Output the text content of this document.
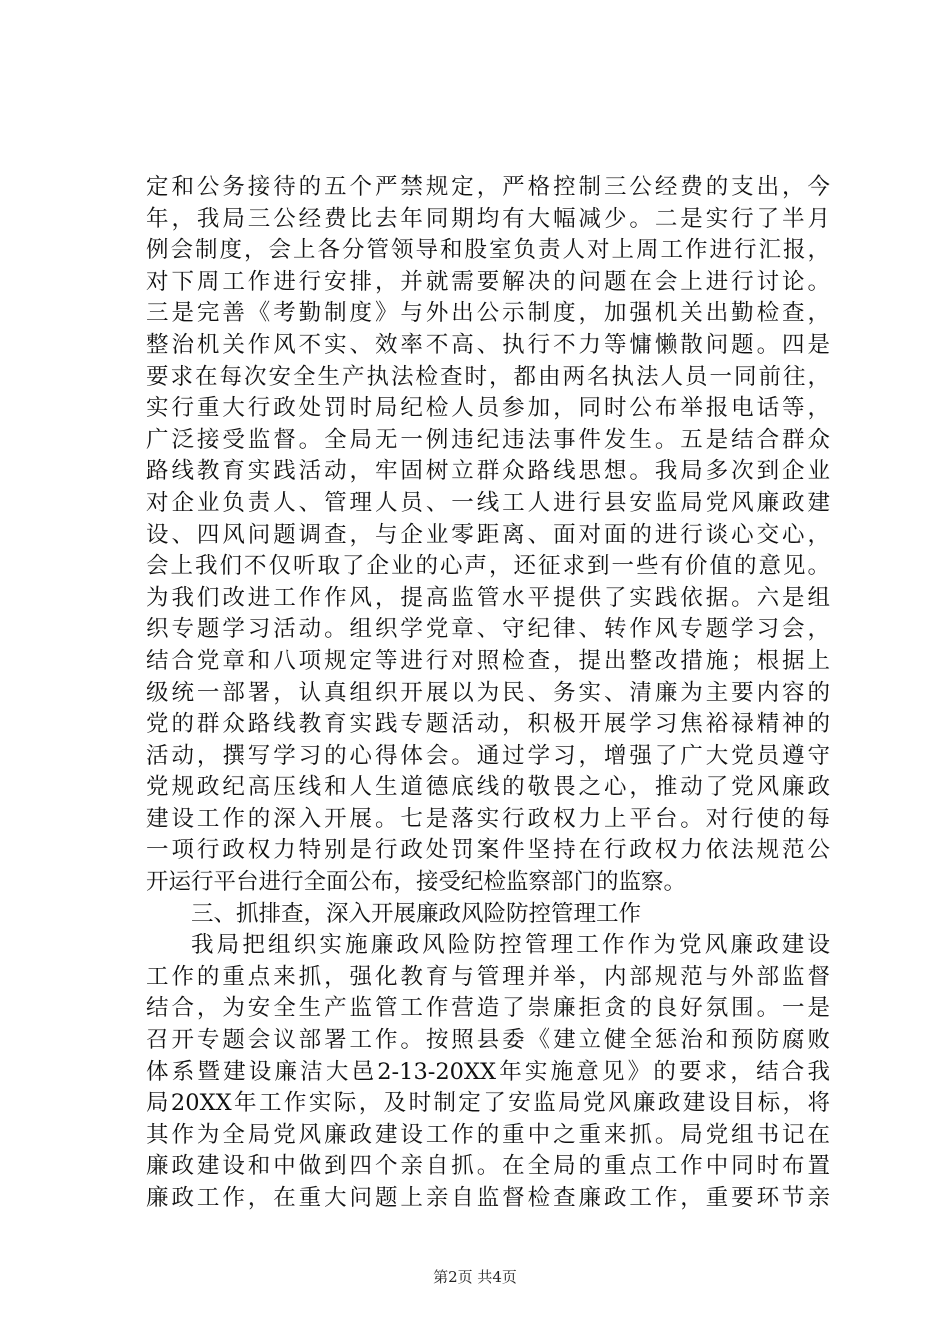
定和公务接待的五个严禁规定，严格控制三公经费的支出，今
年，我局三公经费比去年同期均有大幅减少。二是实行了半月
例会制度，会上各分管领导和股室负责人对上周工作进行汇报，
对下周工作进行安排，并就需要解决的问题在会上进行讨论。
三是完善《考勤制度》与外出公示制度，加强机关出勤检查，
整治机关作风不实、效率不高、执行不力等慵懒散问题。四是
要求在每次安全生产执法检查时，都由两名执法人员一同前往，
实行重大行政处罚时局纪检人员参加，同时公布举报电话等，
广泛接受监督。全局无一例违纪违法事件发生。五是结合群众
路线教育实践活动，牢固树立群众路线思想。我局多次到企业
对企业负责人、管理人员、一线工人进行县安监局党风廉政建
设、四风问题调查，与企业零距离、面对面的进行谈心交心，
会上我们不仅听取了企业的心声，还征求到一些有价值的意见。
为我们改进工作作风，提高监管水平提供了实践依据。六是组
织专题学习活动。组织学党章、守纪律、转作风专题学习会，
结合党章和八项规定等进行对照检查，提出整改措施；根据上
级统一部署，认真组织开展以为民、务实、清廉为主要内容的
党的群众路线教育实践专题活动，积极开展学习焦裕禄精神的
活动，撰写学习的心得体会。通过学习，增强了广大党员遵守
党规政纪高压线和人生道德底线的敬畏之心，推动了党风廉政
建设工作的深入开展。七是落实行政权力上平台。对行使的每
一项行政权力特别是行政处罚案件坚持在行政权力依法规范公
开运行平台进行全面公布，接受纪检监察部门的监察。
三、抓排查，深入开展廉政风险防控管理工作
我局把组织实施廉政风险防控管理工作作为党风廉政建设
工作的重点来抓，强化教育与管理并举，内部规范与外部监督
结合，为安全生产监管工作营造了崇廉拒贪的良好氛围。一是
召开专题会议部署工作。按照县委《建立健全惩治和预防腐败
体系暨建设廉洁大邑2-13-20XX年实施意见》的要求，结合我
局20XX年工作实际，及时制定了安监局党风廉政建设目标，将
其作为全局党风廉政建设工作的重中之重来抓。局党组书记在
廉政建设和中做到四个亲自抓。在全局的重点工作中同时布置
廉政工作，在重大问题上亲自监督检查廉政工作，重要环节亲
第2页 共4页
